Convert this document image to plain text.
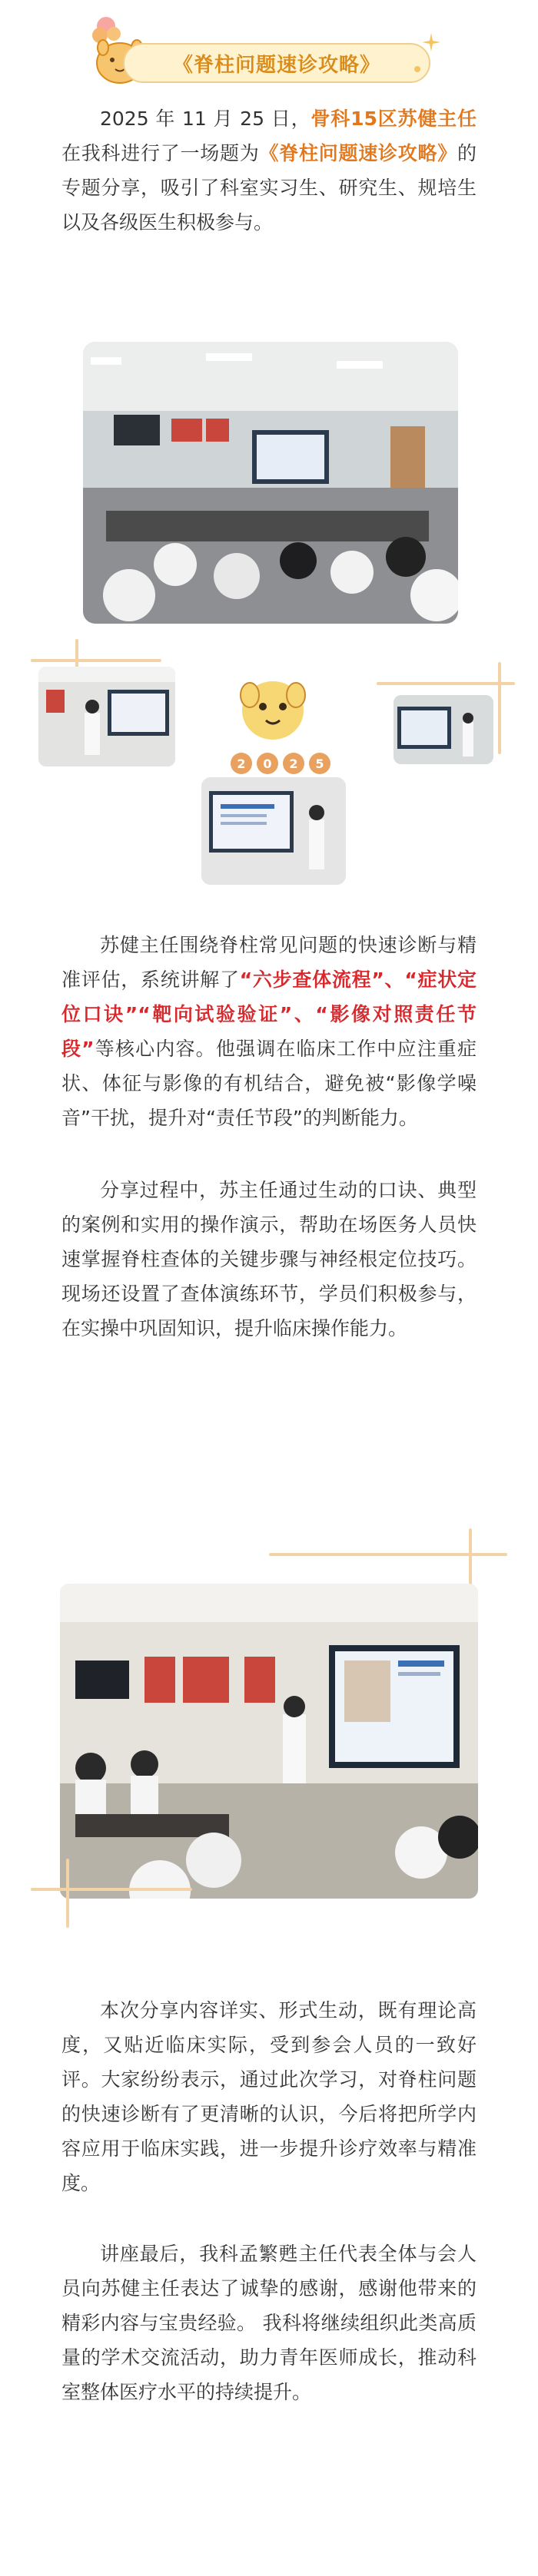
《脊柱问题速诊攻略》

2025 年 11 月 25 日，骨科15区苏健主任在我科进行了一场题为《脊柱问题速诊攻略》的专题分享，吸引了科室实习生、研究生、规培生以及各级医生积极参与。

2	0	2	5

苏健主任围绕脊柱常见问题的快速诊断与精准评估，系统讲解了“六步查体流程”、“症状定位口诀”“靶向试验验证”、“影像对照责任节段”等核心内容。他强调在临床工作中应注重症状、体征与影像的有机结合，避免被“影像学噪音”干扰，提升对“责任节段”的判断能力。

分享过程中，苏主任通过生动的口诀、典型的案例和实用的操作演示，帮助在场医务人员快速掌握脊柱查体的关键步骤与神经根定位技巧。现场还设置了查体演练环节，学员们积极参与，在实操中巩固知识，提升临床操作能力。

本次分享内容详实、形式生动，既有理论高度，又贴近临床实际，受到参会人员的一致好评。大家纷纷表示，通过此次学习，对脊柱问题的快速诊断有了更清晰的认识，今后将把所学内容应用于临床实践，进一步提升诊疗效率与精准度。

讲座最后，我科孟繁甦主任代表全体与会人员向苏健主任表达了诚挚的感谢，感谢他带来的精彩内容与宝贵经验。 我科将继续组织此类高质量的学术交流活动，助力青年医师成长，推动科室整体医疗水平的持续提升。
